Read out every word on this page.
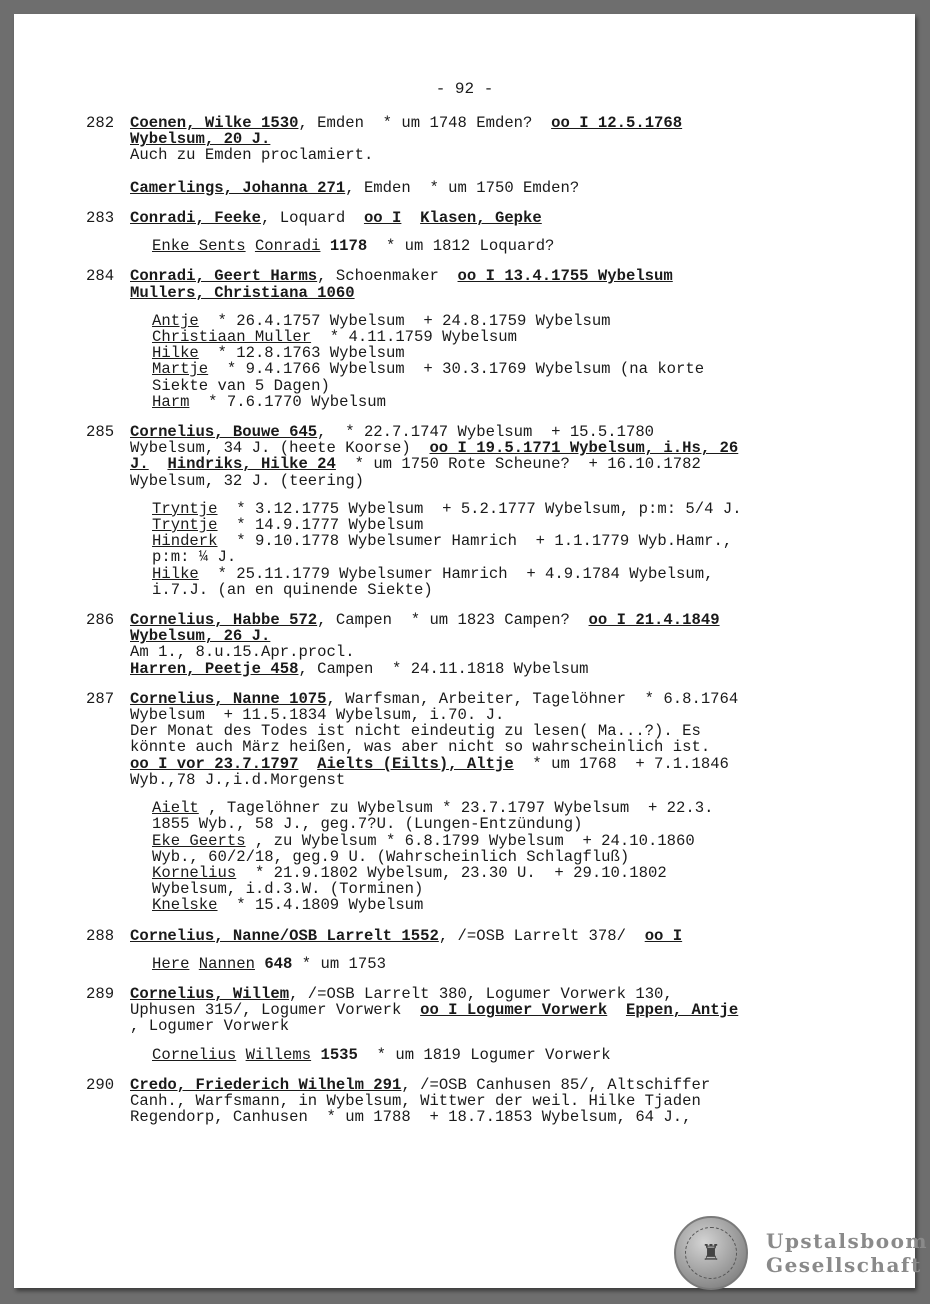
- 92 -
282 Coenen, Wilke 1530, Emden  * um 1748 Emden?  oo I 12.5.1768
Wybelsum, 20 J.
Auch zu Emden proclamiert.
Camerlings, Johanna 271, Emden  * um 1750 Emden?
283 Conradi, Feeke, Loquard  oo I Klasen, Gepke
Enke Sents Conradi 1178  * um 1812 Loquard?
284 Conradi, Geert Harms, Schoenmaker  oo I 13.4.1755 Wybelsum
Mullers, Christiana 1060
Antje  * 26.4.1757 Wybelsum  + 24.8.1759 Wybelsum
Christiaan Muller  * 4.11.1759 Wybelsum
Hilke  * 12.8.1763 Wybelsum
Martje  * 9.4.1766 Wybelsum  + 30.3.1769 Wybelsum (na korte
Siekte van 5 Dagen)
Harm  * 7.6.1770 Wybelsum
285 Cornelius, Bouwe 645,  * 22.7.1747 Wybelsum  + 15.5.1780
Wybelsum, 34 J. (heete Koorse)  oo I 19.5.1771 Wybelsum, i.Hs, 26
J. Hindriks, Hilke 24  * um 1750 Rote Scheune?  + 16.10.1782
Wybelsum, 32 J. (teering)
Tryntje  * 3.12.1775 Wybelsum  + 5.2.1777 Wybelsum, p:m: 5/4 J.
Tryntje  * 14.9.1777 Wybelsum
Hinderk  * 9.10.1778 Wybelsumer Hamrich  + 1.1.1779 Wyb.Hamr.,
p:m: ¼ J.
Hilke  * 25.11.1779 Wybelsumer Hamrich  + 4.9.1784 Wybelsum,
i.7.J. (an en quinende Siekte)
286 Cornelius, Habbe 572, Campen  * um 1823 Campen?  oo I 21.4.1849
Wybelsum, 26 J.
Am 1., 8.u.15.Apr.procl.
Harren, Peetje 458, Campen  * 24.11.1818 Wybelsum
287 Cornelius, Nanne 1075, Warfsman, Arbeiter, Tagelöhner  * 6.8.1764
Wybelsum  + 11.5.1834 Wybelsum, i.70. J.
Der Monat des Todes ist nicht eindeutig zu lesen( Ma...?). Es
könnte auch März heißen, was aber nicht so wahrscheinlich ist.
oo I vor 23.7.1797 Aielts (Eilts), Altje  * um 1768  + 7.1.1846
Wyb.,78 J.,i.d.Morgenst
Aielt , Tagelöhner zu Wybelsum * 23.7.1797 Wybelsum  + 22.3.
1855 Wyb., 58 J., geg.7?U. (Lungen-Entzündung)
Eke Geerts , zu Wybelsum * 6.8.1799 Wybelsum  + 24.10.1860
Wyb., 60/2/18, geg.9 U. (Wahrscheinlich Schlagfluß)
Kornelius  * 21.9.1802 Wybelsum, 23.30 U.  + 29.10.1802
Wybelsum, i.d.3.W. (Torminen)
Knelske  * 15.4.1809 Wybelsum
288 Cornelius, Nanne/OSB Larrelt 1552, /=OSB Larrelt 378/  oo I
Here Nannen 648 * um 1753
289 Cornelius, Willem, /=OSB Larrelt 380, Logumer Vorwerk 130,
Uphusen 315/, Logumer Vorwerk  oo I Logumer Vorwerk Eppen, Antje
, Logumer Vorwerk
Cornelius Willems 1535  * um 1819 Logumer Vorwerk
290 Credo, Friederich Wilhelm 291, /=OSB Canhusen 85/, Altschiffer
Canh., Warfsmann, in Wybelsum, Wittwer der weil. Hilke Tjaden
Regendorp, Canhusen  * um 1788  + 18.7.1853 Wybelsum, 64 J.,
♜	Upstalsboom
Gesellschaft
